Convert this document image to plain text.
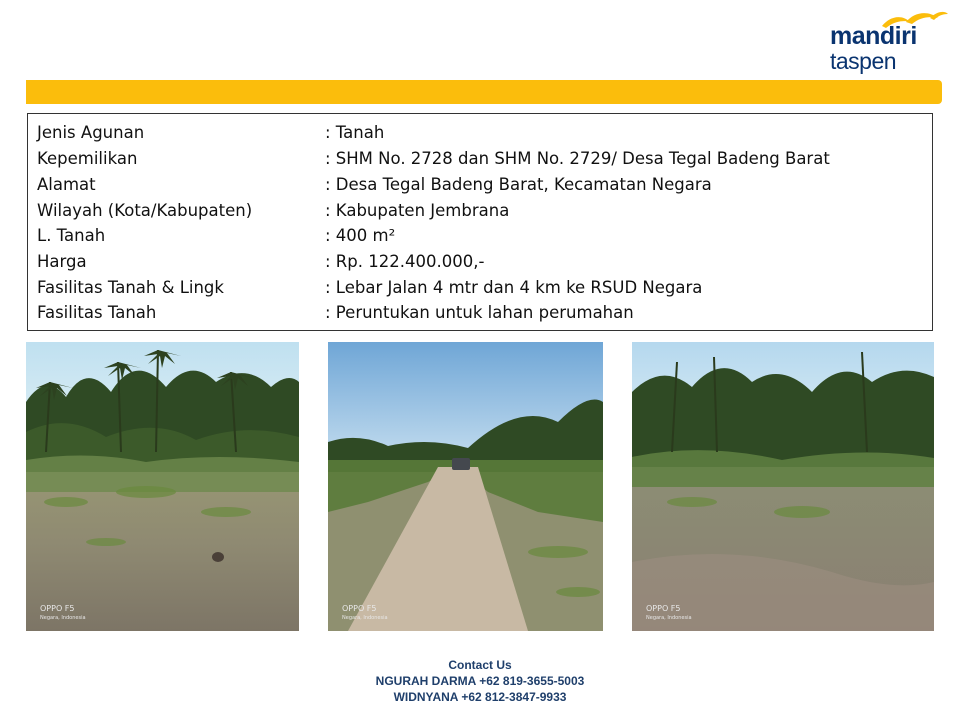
mandiri
taspen
Jenis Agunan	: Tanah
Kepemilikan	: SHM No. 2728 dan SHM No. 2729/ Desa Tegal Badeng Barat
Alamat	: Desa Tegal Badeng Barat, Kecamatan Negara
Wilayah (Kota/Kabupaten)	: Kabupaten Jembrana
L. Tanah	: 400 m²
Harga	: Rp. 122.400.000,-
Fasilitas Tanah & Lingk	: Lebar Jalan 4 mtr dan 4 km ke RSUD Negara
Fasilitas Tanah	: Peruntukan untuk lahan perumahan
OPPO F5
Negara, Indonesia
OPPO F5
Negara, Indonesia
OPPO F5
Negara, Indonesia
Contact Us
NGURAH DARMA +62 819-3655-5003
WIDNYANA +62 812-3847-9933
